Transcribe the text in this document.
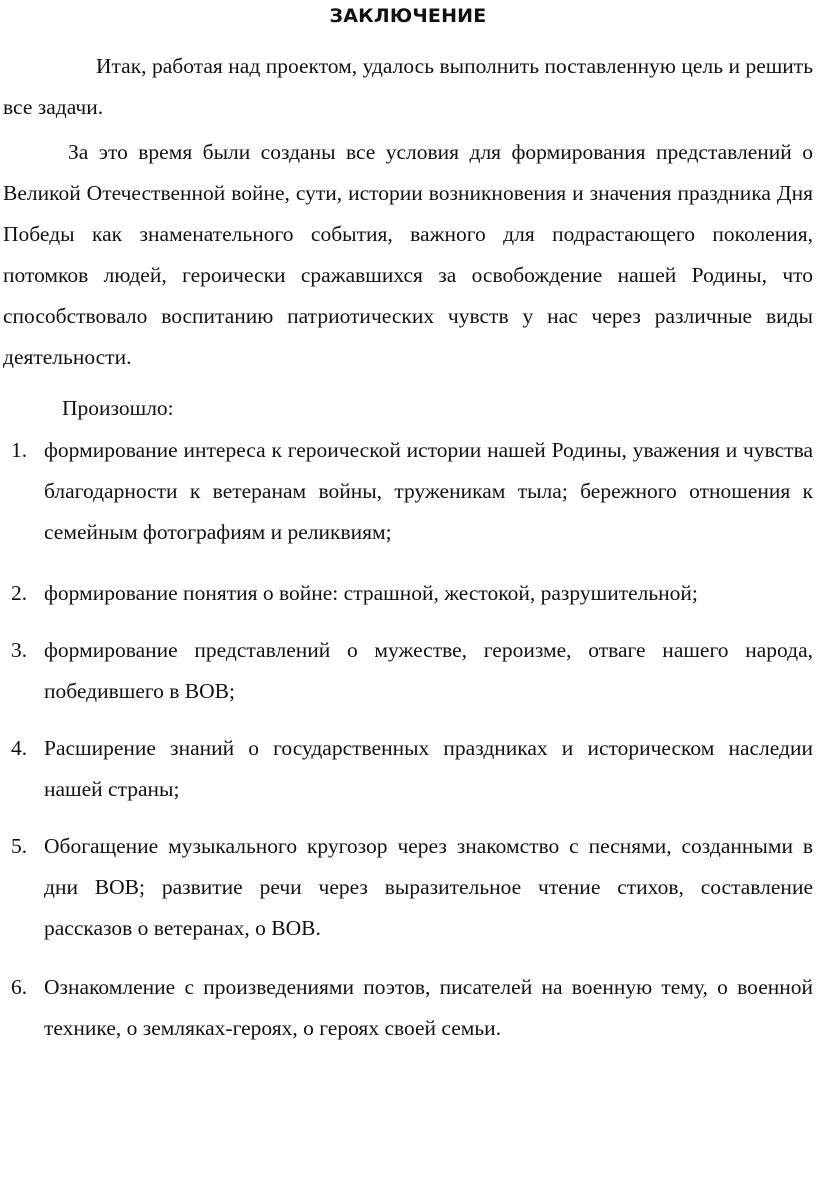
ЗАКЛЮЧЕНИЕ

Итак, работая над проектом, удалось выполнить поставленную цель и решить все задачи.

За это время были созданы все условия для формирования представлений о Великой Отечественной войне, сути, истории возникновения и значения праздника Дня Победы как знаменательного события, важного для подрастающего поколения, потомков людей, героически сражавшихся за освобождение нашей Родины, что способствовало воспитанию патриотических чувств у нас через различные виды деятельности.

Произошло:

1. формирование интереса к героической истории нашей Родины, уважения и чувства благодарности к ветеранам войны, труженикам тыла; бережного отношения к семейным фотографиям и реликвиям;

2. формирование понятия о войне: страшной, жестокой, разрушительной;

3. формирование представлений о мужестве, героизме, отваге нашего народа, победившего в ВОВ;

4. Расширение знаний о государственных праздниках и историческом наследии нашей страны;

5. Обогащение музыкального кругозор через знакомство с песнями, созданными в дни ВОВ; развитие речи через выразительное чтение стихов, составление рассказов о ветеранах, о ВОВ.

6. Ознакомление с произведениями поэтов, писателей на военную тему, о военной технике, о земляках-героях, о героях своей семьи.
